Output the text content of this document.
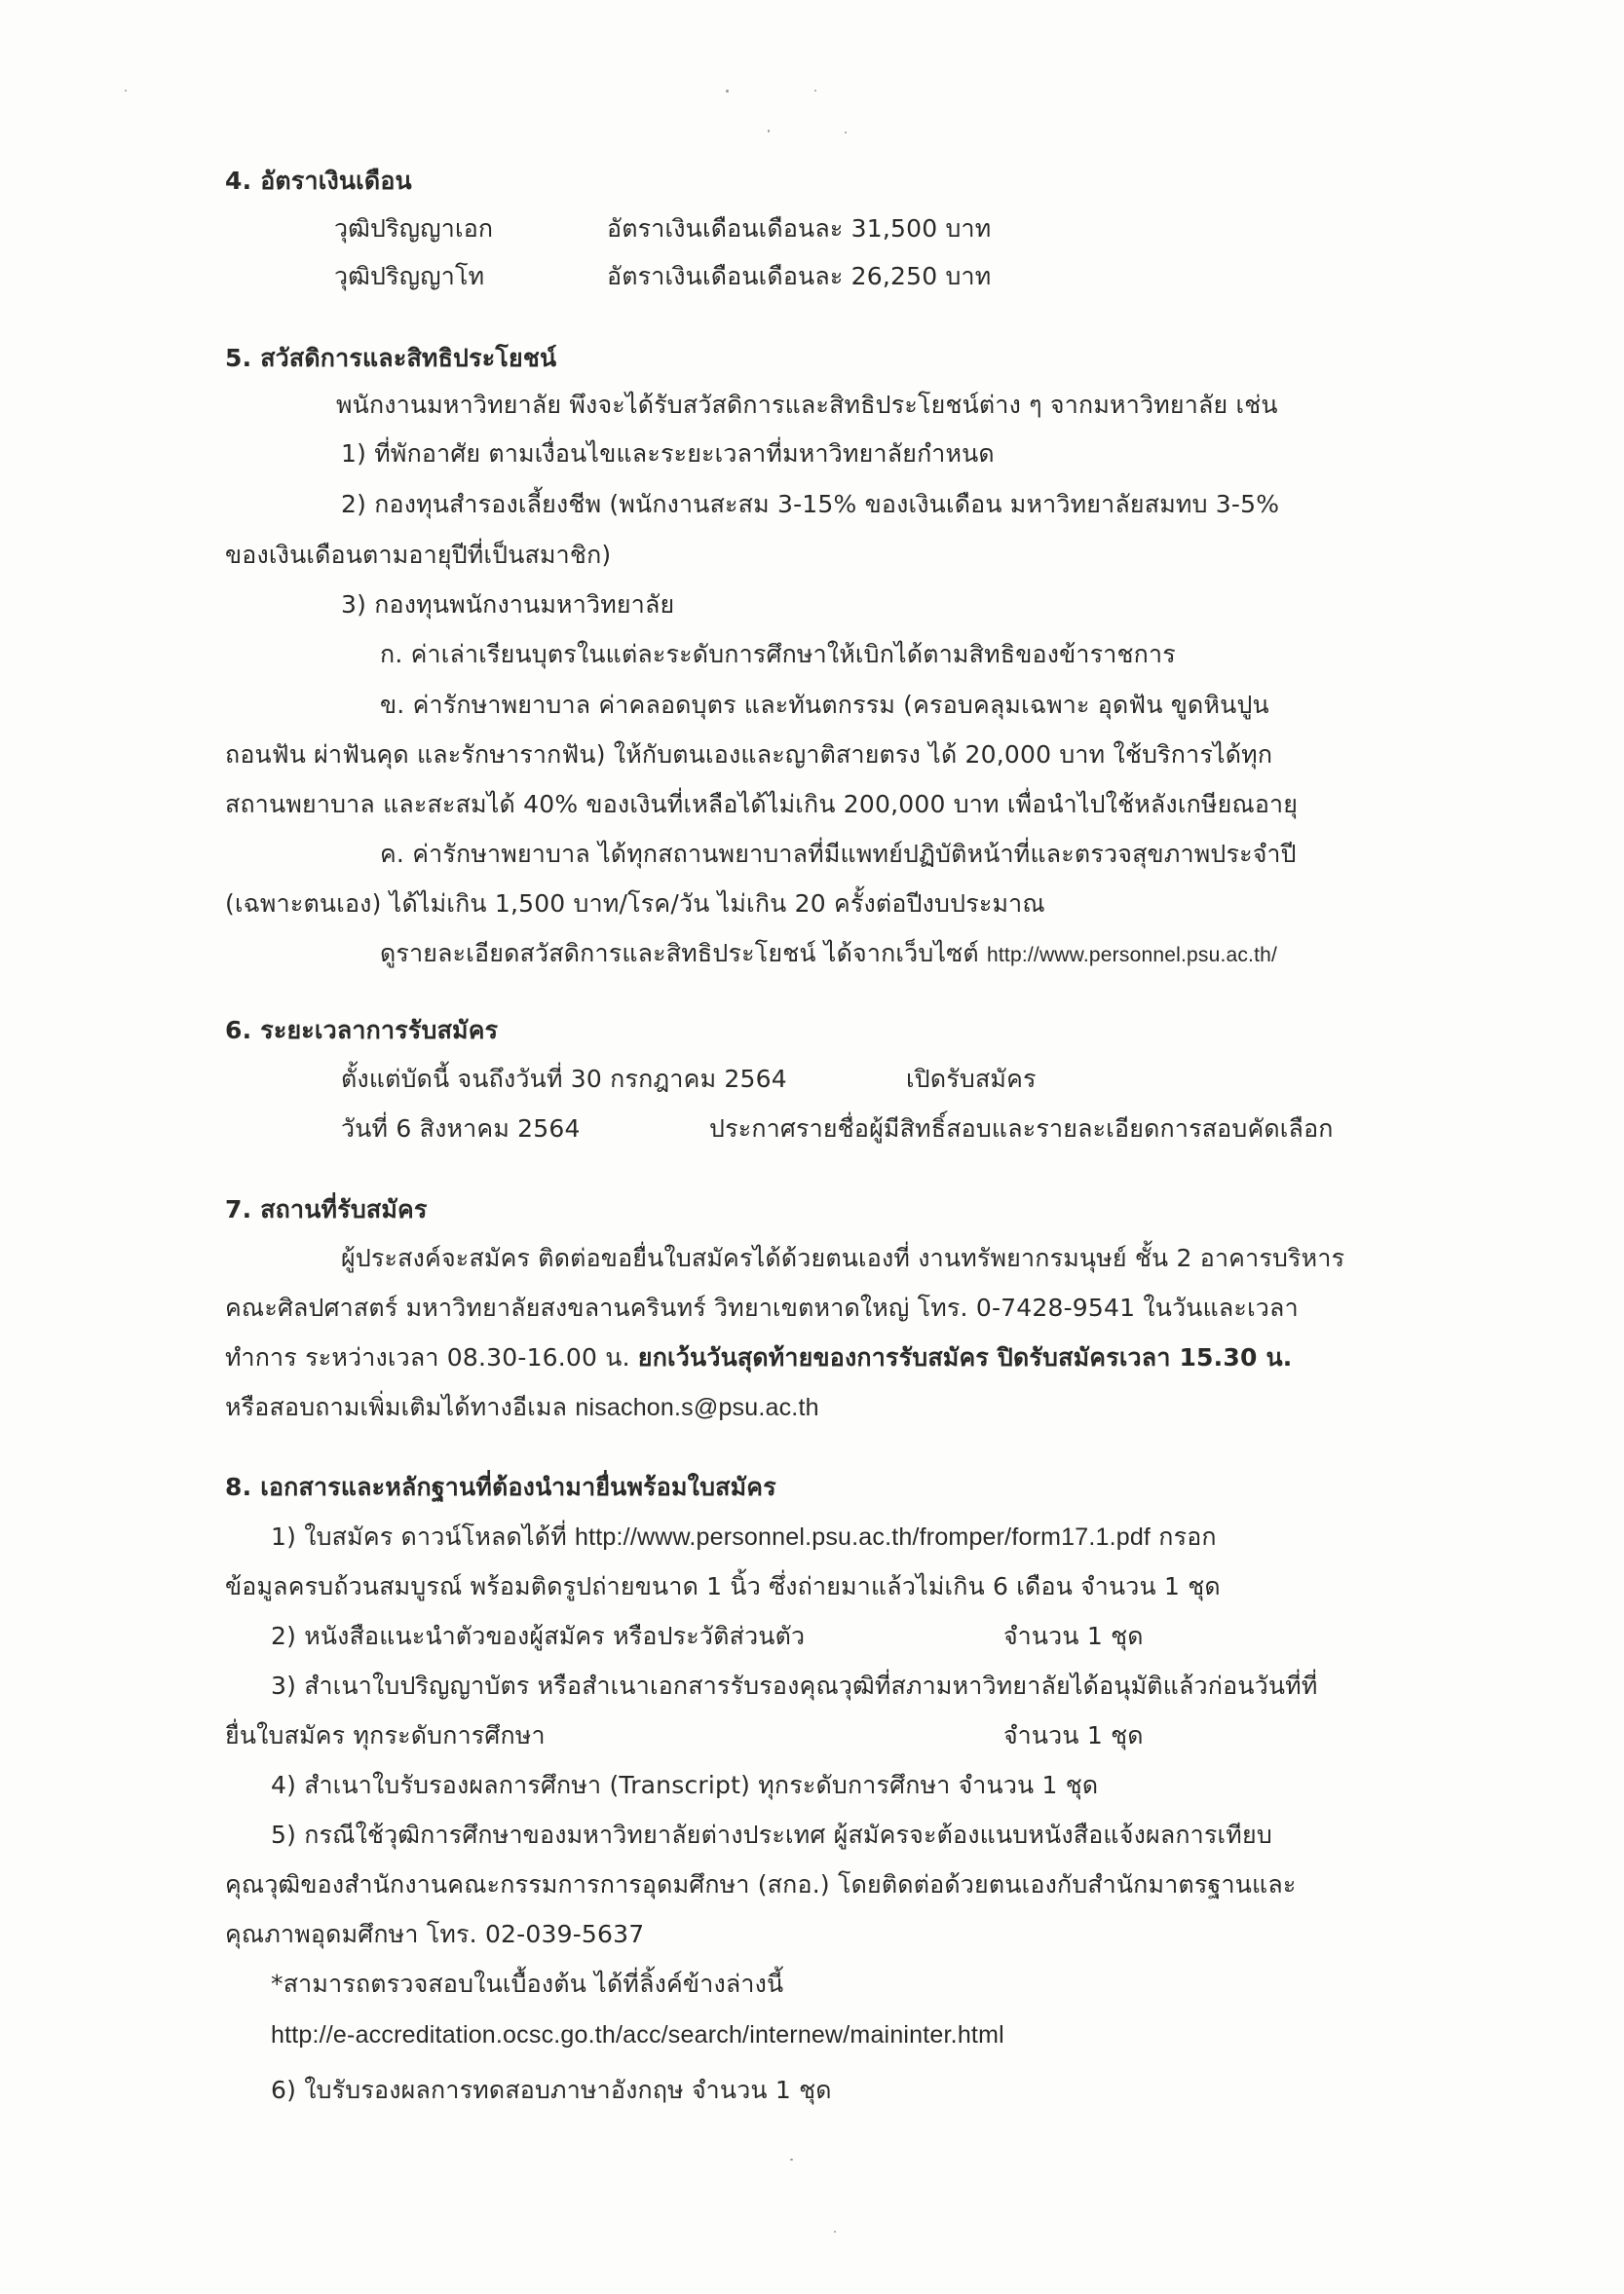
4. อัตราเงินเดือน
วุฒิปริญญาเอก	อัตราเงินเดือนเดือนละ 31,500 บาท
วุฒิปริญญาโท	อัตราเงินเดือนเดือนละ 26,250 บาท
5. สวัสดิการและสิทธิประโยชน์
พนักงานมหาวิทยาลัย พึงจะได้รับสวัสดิการและสิทธิประโยชน์ต่าง ๆ จากมหาวิทยาลัย เช่น
1) ที่พักอาศัย ตามเงื่อนไขและระยะเวลาที่มหาวิทยาลัยกำหนด
2) กองทุนสำรองเลี้ยงชีพ (พนักงานสะสม 3-15% ของเงินเดือน มหาวิทยาลัยสมทบ 3-5%
ของเงินเดือนตามอายุปีที่เป็นสมาชิก)
3) กองทุนพนักงานมหาวิทยาลัย
ก. ค่าเล่าเรียนบุตรในแต่ละระดับการศึกษาให้เบิกได้ตามสิทธิของข้าราชการ
ข. ค่ารักษาพยาบาล ค่าคลอดบุตร และทันตกรรม (ครอบคลุมเฉพาะ อุดฟัน ขูดหินปูน
ถอนฟัน ผ่าฟันคุด และรักษารากฟัน) ให้กับตนเองและญาติสายตรง ได้ 20,000 บาท ใช้บริการได้ทุก
สถานพยาบาล และสะสมได้ 40% ของเงินที่เหลือได้ไม่เกิน 200,000 บาท เพื่อนำไปใช้หลังเกษียณอายุ
ค. ค่ารักษาพยาบาล ได้ทุกสถานพยาบาลที่มีแพทย์ปฏิบัติหน้าที่และตรวจสุขภาพประจำปี
(เฉพาะตนเอง) ได้ไม่เกิน 1,500 บาท/โรค/วัน ไม่เกิน 20 ครั้งต่อปีงบประมาณ
ดูรายละเอียดสวัสดิการและสิทธิประโยชน์ ได้จากเว็บไซต์ http://www.personnel.psu.ac.th/
6. ระยะเวลาการรับสมัคร
ตั้งแต่บัดนี้ จนถึงวันที่ 30 กรกฎาคม 2564	เปิดรับสมัคร
วันที่ 6 สิงหาคม 2564	ประกาศรายชื่อผู้มีสิทธิ์สอบและรายละเอียดการสอบคัดเลือก
7. สถานที่รับสมัคร
ผู้ประสงค์จะสมัคร ติดต่อขอยื่นใบสมัครได้ด้วยตนเองที่ งานทรัพยากรมนุษย์ ชั้น 2 อาคารบริหาร
คณะศิลปศาสตร์ มหาวิทยาลัยสงขลานครินทร์ วิทยาเขตหาดใหญ่ โทร. 0-7428-9541 ในวันและเวลา
ทำการ ระหว่างเวลา 08.30-16.00 น. ยกเว้นวันสุดท้ายของการรับสมัคร ปิดรับสมัครเวลา 15.30 น.
หรือสอบถามเพิ่มเติมได้ทางอีเมล nisachon.s@psu.ac.th
8. เอกสารและหลักฐานที่ต้องนำมายื่นพร้อมใบสมัคร
1) ใบสมัคร ดาวน์โหลดได้ที่ http://www.personnel.psu.ac.th/fromper/form17.1.pdf กรอก
ข้อมูลครบถ้วนสมบูรณ์ พร้อมติดรูปถ่ายขนาด 1 นิ้ว ซึ่งถ่ายมาแล้วไม่เกิน 6 เดือน จำนวน 1 ชุด
2) หนังสือแนะนำตัวของผู้สมัคร หรือประวัติส่วนตัว	จำนวน 1 ชุด
3) สำเนาใบปริญญาบัตร หรือสำเนาเอกสารรับรองคุณวุฒิที่สภามหาวิทยาลัยได้อนุมัติแล้วก่อนวันที่ที่
ยื่นใบสมัคร ทุกระดับการศึกษา	จำนวน 1 ชุด
4) สำเนาใบรับรองผลการศึกษา (Transcript) ทุกระดับการศึกษา จำนวน 1 ชุด
5) กรณีใช้วุฒิการศึกษาของมหาวิทยาลัยต่างประเทศ ผู้สมัครจะต้องแนบหนังสือแจ้งผลการเทียบ
คุณวุฒิของสำนักงานคณะกรรมการการอุดมศึกษา (สกอ.) โดยติดต่อด้วยตนเองกับสำนักมาตรฐานและ
คุณภาพอุดมศึกษา โทร. 02-039-5637
*สามารถตรวจสอบในเบื้องต้น ได้ที่ลิ้งค์ข้างล่างนี้
http://e-accreditation.ocsc.go.th/acc/search/internew/maininter.html
6) ใบรับรองผลการทดสอบภาษาอังกฤษ จำนวน 1 ชุด
